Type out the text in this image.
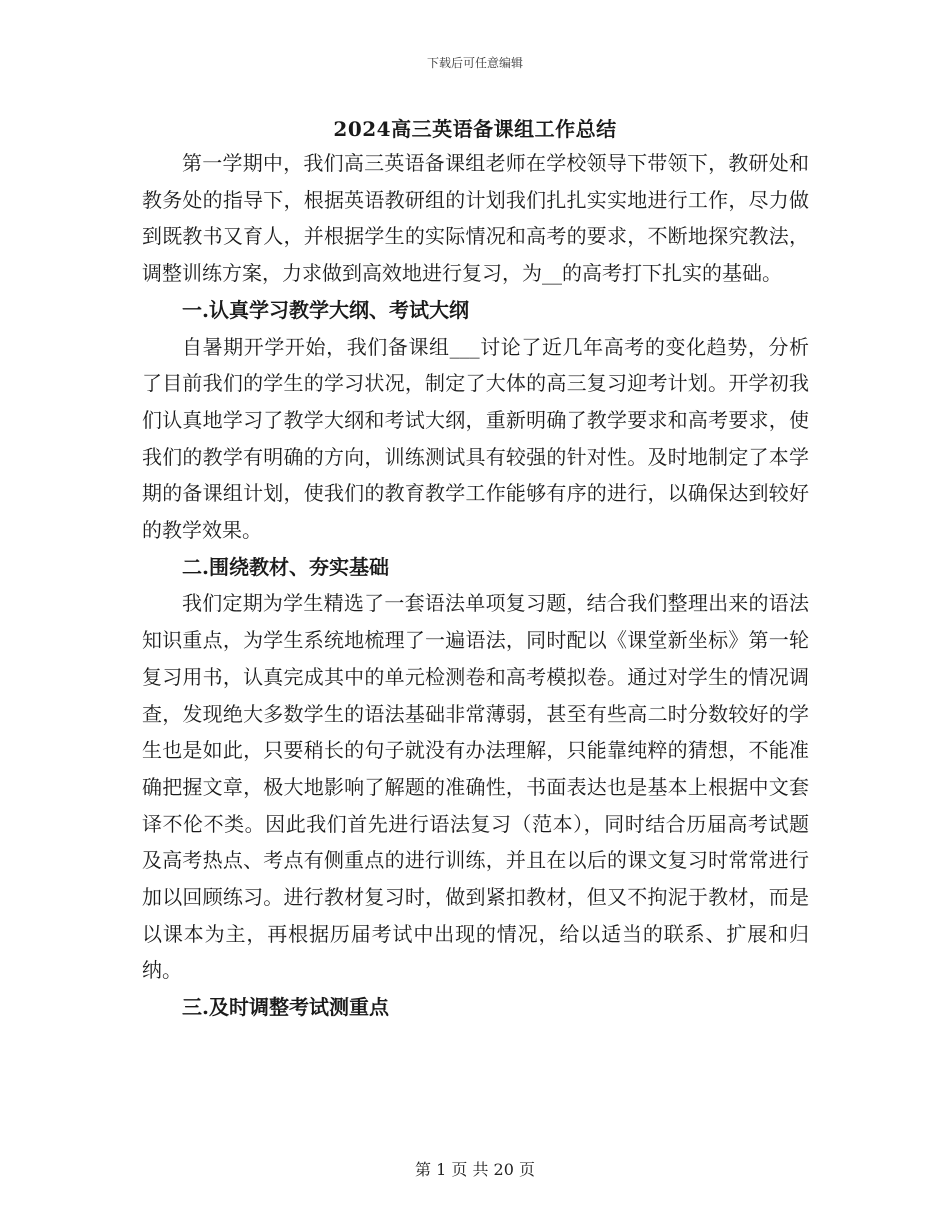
下载后可任意编辑
2024高三英语备课组工作总结

第一学期中，我们高三英语备课组老师在学校领导下带领下，教研处和教务处的指导下，根据英语教研组的计划我们扎扎实实地进行工作，尽力做到既教书又育人，并根据学生的实际情况和高考的要求，不断地探究教法，调整训练方案，力求做到高效地进行复习，为__的高考打下扎实的基础。

一.认真学习教学大纲、考试大纲

自暑期开学开始，我们备课组___讨论了近几年高考的变化趋势，分析了目前我们的学生的学习状况，制定了大体的高三复习迎考计划。开学初我们认真地学习了教学大纲和考试大纲，重新明确了教学要求和高考要求，使我们的教学有明确的方向，训练测试具有较强的针对性。及时地制定了本学期的备课组计划，使我们的教育教学工作能够有序的进行，以确保达到较好的教学效果。

二.围绕教材、夯实基础

我们定期为学生精选了一套语法单项复习题，结合我们整理出来的语法知识重点，为学生系统地梳理了一遍语法，同时配以《课堂新坐标》第一轮复习用书，认真完成其中的单元检测卷和高考模拟卷。通过对学生的情况调查，发现绝大多数学生的语法基础非常薄弱，甚至有些高二时分数较好的学生也是如此，只要稍长的句子就没有办法理解，只能靠纯粹的猜想，不能准确把握文章，极大地影响了解题的准确性，书面表达也是基本上根据中文套译不伦不类。因此我们首先进行语法复习（范本），同时结合历届高考试题及高考热点、考点有侧重点的进行训练，并且在以后的课文复习时常常进行加以回顾练习。进行教材复习时，做到紧扣教材，但又不拘泥于教材，而是以课本为主，再根据历届考试中出现的情况，给以适当的联系、扩展和归纳。

三.及时调整考试测重点
第 1 页 共 20 页
